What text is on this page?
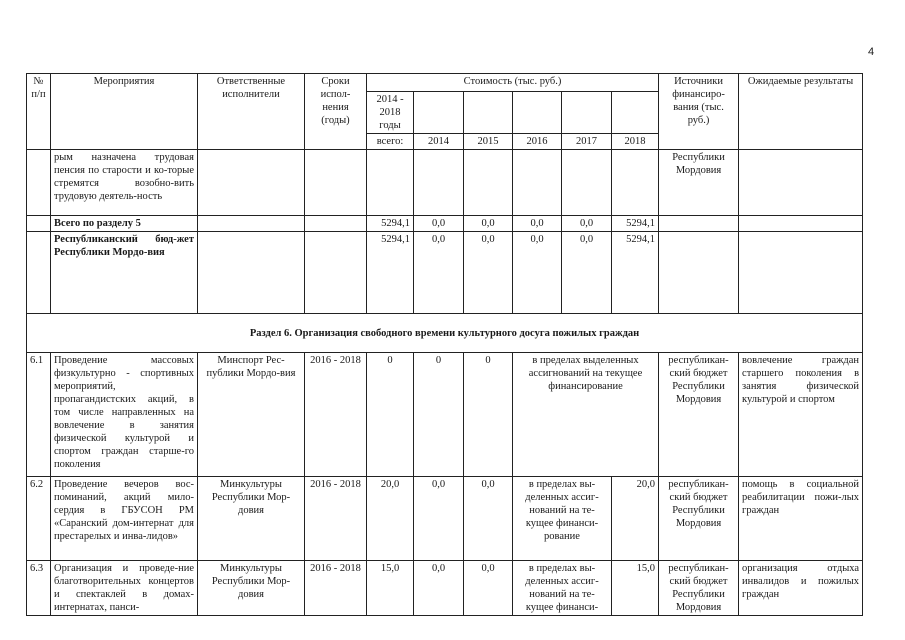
4
№ п/п	Мероприятия	Ответственные исполнители	Сроки испол-нения (годы)	Стоимость (тыс. руб.)						Источники финансиро-вания (тыс. руб.)	Ожидаемые результаты
				2014 - 2018 годы							
				всего:	2014	2015	2016	2017	2018		
	рым назначена трудовая пенсия по старости и ко-торые стремятся возобно-вить трудовую деятель-ность									Республики Мордовия	
	Всего по разделу 5			5294,1	0,0	0,0	0,0	0,0	5294,1		
	Республиканский бюд-жет Республики Мордо-вия			5294,1	0,0	0,0	0,0	0,0	5294,1		
Раздел 6. Организация свободного времени культурного досуга пожилых граждан											
6.1	Проведение массовых физкультурно - спортивных мероприятий, пропагандистских акций, в том числе направленных на вовлечение в занятия физической культурой и спортом граждан старше-го поколения	Минспорт Рес-публики Мордо-вия	2016 - 2018	0	0	0	в пределах выделенных ассигнований на текущее финансирование			республикан-ский бюджет Республики Мордовия	вовлечение граждан старшего поколения в занятия физической культурой и спортом
6.2	Проведение вечеров вос-поминаний, акций мило-сердия в ГБУСОН РМ «Саранский дом-интернат для престарелых и инва-лидов»	Минкультуры Республики Мор-довия	2016 - 2018	20,0	0,0	0,0	в пределах вы-деленных ассиг-нований на те-кущее финанси-рование		20,0	республикан-ский бюджет Республики Мордовия	помощь в социальной реабилитации пожи-лых граждан
6.3	Организация и проведе-ние благотворительных концертов и спектаклей в домах-интернатах, панси-	Минкультуры Республики Мор-довия	2016 - 2018	15,0	0,0	0,0	в пределах вы-деленных ассиг-нований на те-кущее финанси-		15,0	республикан-ский бюджет Республики Мордовия	организация отдыха инвалидов и пожилых граждан
